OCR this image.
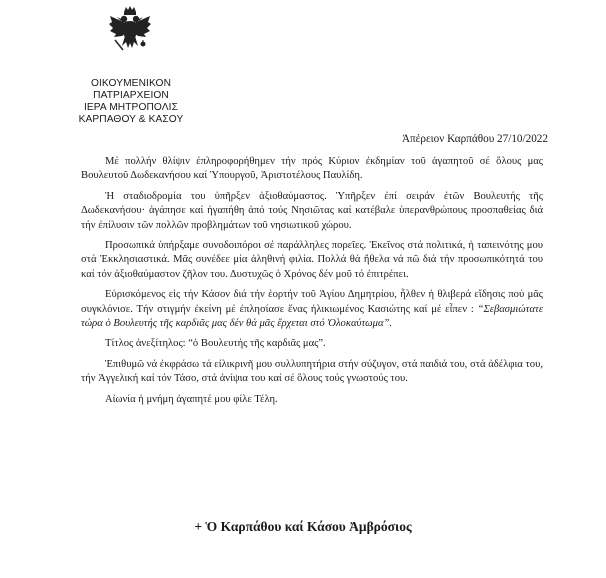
ΟΙΚΟΥΜΕΝΙΚΟΝ ΠΑΤΡΙΑΡΧΕΙΟΝ
ΙΕΡΑ ΜΗΤΡΟΠΟΛΙΣ
ΚΑΡΠΑΘΟΥ & ΚΑΣΟΥ
Ἀπέρειον Καρπάθου 27/10/2022

Μέ πολλήν θλίψιν ἐπληροφορήθημεν τήν πρός Κύριον ἐκδημίαν τοῦ ἀγαπητοῦ σέ ὅλους μας Βουλευτοῦ Δωδεκανήσου καί Ὑπουργοῦ, Ἀριστοτέλους Παυλίδη.

Ἡ σταδιοδρομία του ὑπῆρξεν ἀξιοθαύμαστος. Ὑπῆρξεν ἐπί σειράν ἐτῶν Βουλευτής τῆς Δωδεκανήσου· ἀγάπησε καί ἠγαπήθη ἀπό τούς Νησιῶτας καί κατέβαλε ὑπερανθρώπους προσπαθείας διά τήν ἐπίλυσιν τῶν πολλῶν προβλημάτων τοῦ νησιωτικοῦ χώρου.

Προσωπικά ὑπήρξαμε συνοδοιπόροι σέ παράλληλες πορεῖες. Ἐκεῖνος στά πολιτικά, ἡ ταπεινότης μου στά Ἐκκλησιαστικά. Μᾶς συνέδεε μία ἀληθινή φιλία. Πολλά θά ἤθελα νά πῶ διά τήν προσωπικότητά του καί τόν ἀξιοθαύμαστον ζῆλον του. Δυστυχῶς ὁ Χρόνος δέν μοῦ τό ἐπιτρέπει.

Εὑρισκόμενος εἰς τήν Κάσον διά τήν ἑορτήν τοῦ Ἁγίου Δημητρίου, ἦλθεν ἡ θλιβερά εἴδησις πού μᾶς συγκλόνισε. Τήν στιγμήν ἐκείνη μέ ἐπλησίασε ἕνας ἡλικιωμένος Κασιώτης καί μέ εἶπεν : “Σεβασμιώτατε τώρα ὁ Βουλευτής τῆς καρδιᾶς μας δέν θά μᾶς ἔρχεται στό Ὁλοκαύτωμα”.

Τίτλος ἀνεξίτηλος: “ὁ Βουλευτής τῆς καρδιᾶς μας”.

Ἐπιθυμῶ νά ἐκφράσω τά εἰλικρινῆ μου συλλυπητήρια στήν σύζυγον, στά παιδιά του, στά ἀδέλφια του, τήν Ἀγγελική καί τόν Τάσο, στά ἀνίψια του καί σέ ὅλους τούς γνωστούς του.

Αἰωνία ἡ μνήμη ἀγαπητέ μου φίλε Τέλη.

+ Ὁ Καρπάθου καί Κάσου Ἀμβρόσιος
